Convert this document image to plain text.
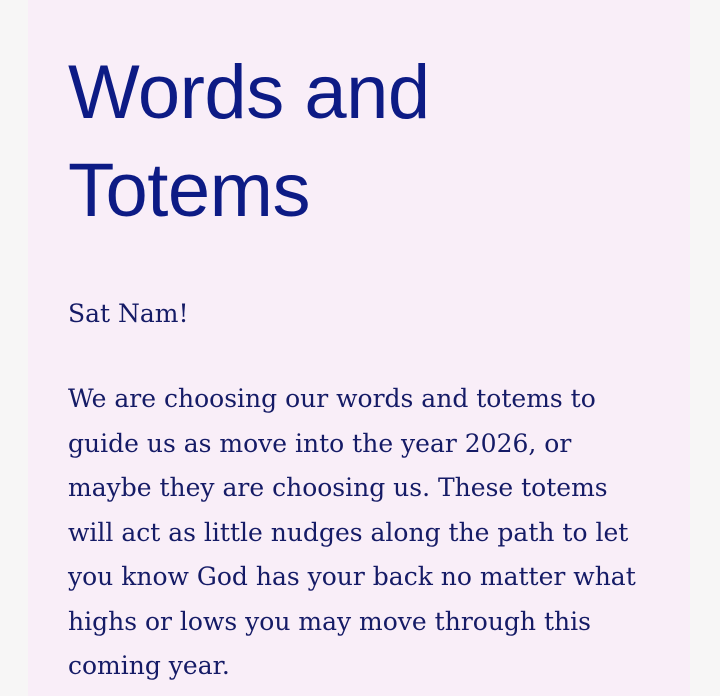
Words and
Totems

Sat Nam!

We are choosing our words and totems to
guide us as move into the year 2026, or
maybe they are choosing us. These totems
will act as little nudges along the path to let
you know God has your back no matter what
highs or lows you may move through this
coming year.
